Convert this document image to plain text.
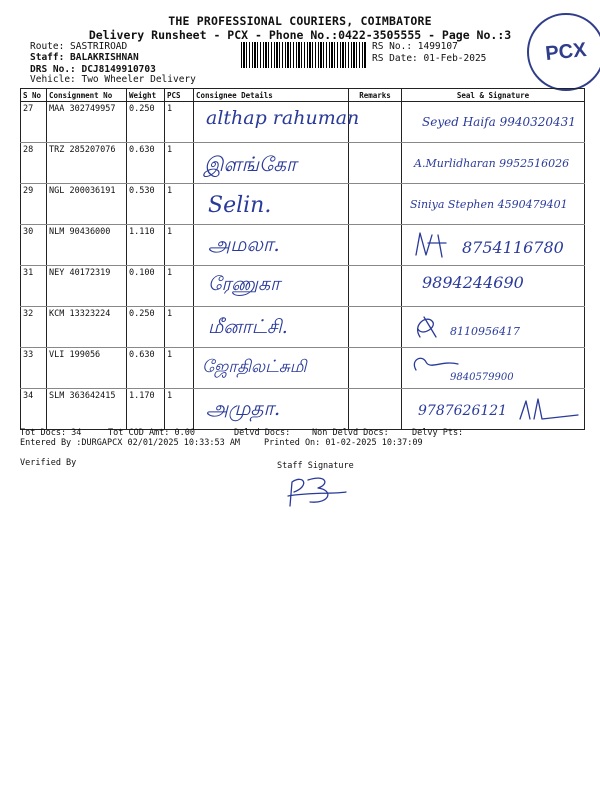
THE PROFESSIONAL COURIERS, COIMBATORE
Delivery Runsheet - PCX - Phone No.:0422-3505555 - Page No.:3
Route: SASTRIROAD
Staff: BALAKRISHNAN
DRS No.: DCJ8149910703
Vehicle: Two Wheeler Delivery
RS No.: 1499107
RS Date: 01-Feb-2025	PCX
S No	Consignment No	Weight	PCS	Consignee Details	Remarks	Seal & Signature
27	MAA 302749957	0.250	1	althap rahuman		Seyed Haifa 9940320431

28	TRZ 285207076	0.630	1	இளங்கோ		A.Murlidharan 9952516026

29	NGL 200036191	0.530	1	Selin.		Siniya Stephen 4590479401

30	NLM 90436000	1.110	1	அமலா.		8754116780

31	NEY 40172319	0.100	1	ரேணுகா		9894244690

32	KCM 13323224	0.250	1	மீனாட்சி.		8110956417

33	VLI 199056	0.630	1	ஜோதிலட்சுமி		9840579900

34	SLM 363642415	1.170	1	அமுதா.		9787626121
Tot Docs: 34	Tot COD Amt: 0.00	Delvd Docs:	Non Delvd Docs:	Delvy Pts:
Entered By :DURGAPCX 02/01/2025 10:33:53 AM	Printed On: 01-02-2025 10:37:09
Verified By	Staff Signature
